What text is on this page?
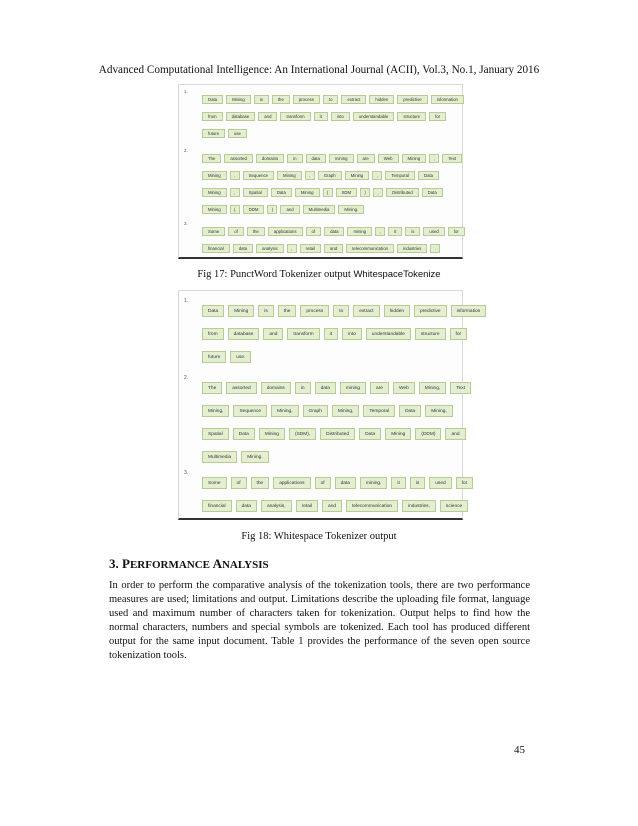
Advanced Computational Intelligence: An International Journal (ACII), Vol.3, No.1, January 2016
1.
Data	Mining	is	the	process	to	extract	hidden	predictive	information
from	database	and	transform	it	into	understandable	structure	for
future	use
2.
The	assorted	domains	in	data	mining	are	Web	Mining	,	Text
Mining	,	Sequence	Mining	,	Graph	Mining	,	Temporal	Data
Mining	,	Spatial	Data	Mining	(	SDM	)	,	Distributed	Data
Mining	(	DDM	)	and	Multimedia	Mining.
3.
Some	of	the	applications	of	data	mining	,	it	is	used	for
financial	data	analysis	,	retail	and	telecommunication	industries	.
Fig 17: PunctWord Tokenizer output WhitespaceTokenize
1.
Data	Mining	is	the	process	to	extract	hidden	predictive	information
from	database	and	transform	it	into	understandable	structure	for
future	use.
2.
The	assorted	domains	in	data	mining	are	Web	Mining,	Text
Mining,	Sequence	Mining,	Graph	Mining,	Temporal	Data	Mining,
Spatial	Data	Mining	(SDM),	Distributed	Data	Mining	(DDM)	and
Multimedia	Mining.
3.
Some	of	the	applications	of	data	mining,	it	is	used	for
financial	data	analysis,	retail	and	telecommunication	industries,	science
Fig 18: Whitespace Tokenizer output
3. PERFORMANCE ANALYSIS

In order to perform the comparative analysis of the tokenization tools, there are two performance measures are used; limitations and output. Limitations describe the uploading file format, language used and maximum number of characters taken for tokenization. Output helps to find how the normal characters, numbers and special symbols are tokenized. Each tool has produced different output for the same input document. Table 1 provides the performance of the seven open source tokenization tools.

45
